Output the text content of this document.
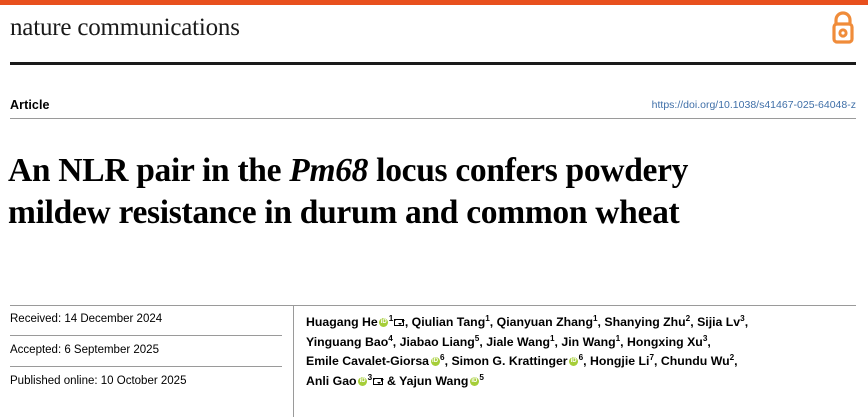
nature communications
Article	https://doi.org/10.1038/s41467-025-64048-z
An NLR pair in the Pm68 locus confers powdery mildew resistance in durum and common wheat
Received: 14 December 2024
Accepted: 6 September 2025
Published online: 10 October 2025
Huagang He iD $^1$ , Qiulian Tang$^1$, Qianyuan Zhang$^1$, Shanying Zhu$^2$, Sijia Lv$^3$,
Yinguang Bao$^4$, Jiabao Liang$^5$, Jiale Wang$^1$, Jin Wang$^1$, Hongxing Xu$^3$,
Emile Cavalet-Giorsa iD $^6$, Simon G. Krattinger iD $^6$, Hongjie Li$^7$, Chundu Wu$^2$,
Anli Gao iD $^3$ & Yajun Wang iD $^5$
